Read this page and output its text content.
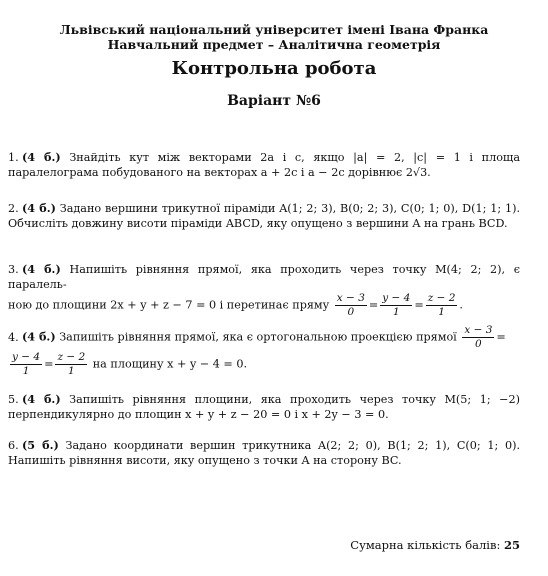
Львівський національний університет імені Івана Франка
Навчальний предмет – Аналітична геометрія
Контрольна робота
Варіант №6
1. (4 б.) Знайдіть кут між векторами 2a і c, якщо |a| = 2, |c| = 1 і площа паралелограма побудованого на векторах a + 2c і a − 2c дорівнює 2√3.
2. (4 б.) Задано вершини трикутної піраміди A(1; 2; 3), B(0; 2; 3), C(0; 1; 0), D(1; 1; 1). Обчисліть довжину висоти піраміди ABCD, яку опущено з вершини A на грань BCD.
3. (4 б.) Напишіть рівняння прямої, яка проходить через точку M(4; 2; 2), є паралель-
ною до площини 2x + y + z − 7 = 0 і перетинає пряму $\frac{x - 3}{0} = \frac{y - 4}{1} = \frac{z - 2}{1}$ .
4. (4 б.) Запишіть рівняння прямої, яка є ортогональною проекцією прямої $\frac{x - 3}{0}$ =

$\frac{y - 4}{1} = \frac{z - 2}{1}$ на площину x + y − 4 = 0.
5. (4 б.) Запишіть рівняння площини, яка проходить через точку M(5; 1; −2) перпендикулярно до площин x + y + z − 20 = 0 і x + 2y − 3 = 0.
6. (5 б.) Задано координати вершин трикутника A(2; 2; 0), B(1; 2; 1), C(0; 1; 0). Напишіть рівняння висоти, яку опущено з точки A на сторону BC.
Сумарна кількість балів: 25
